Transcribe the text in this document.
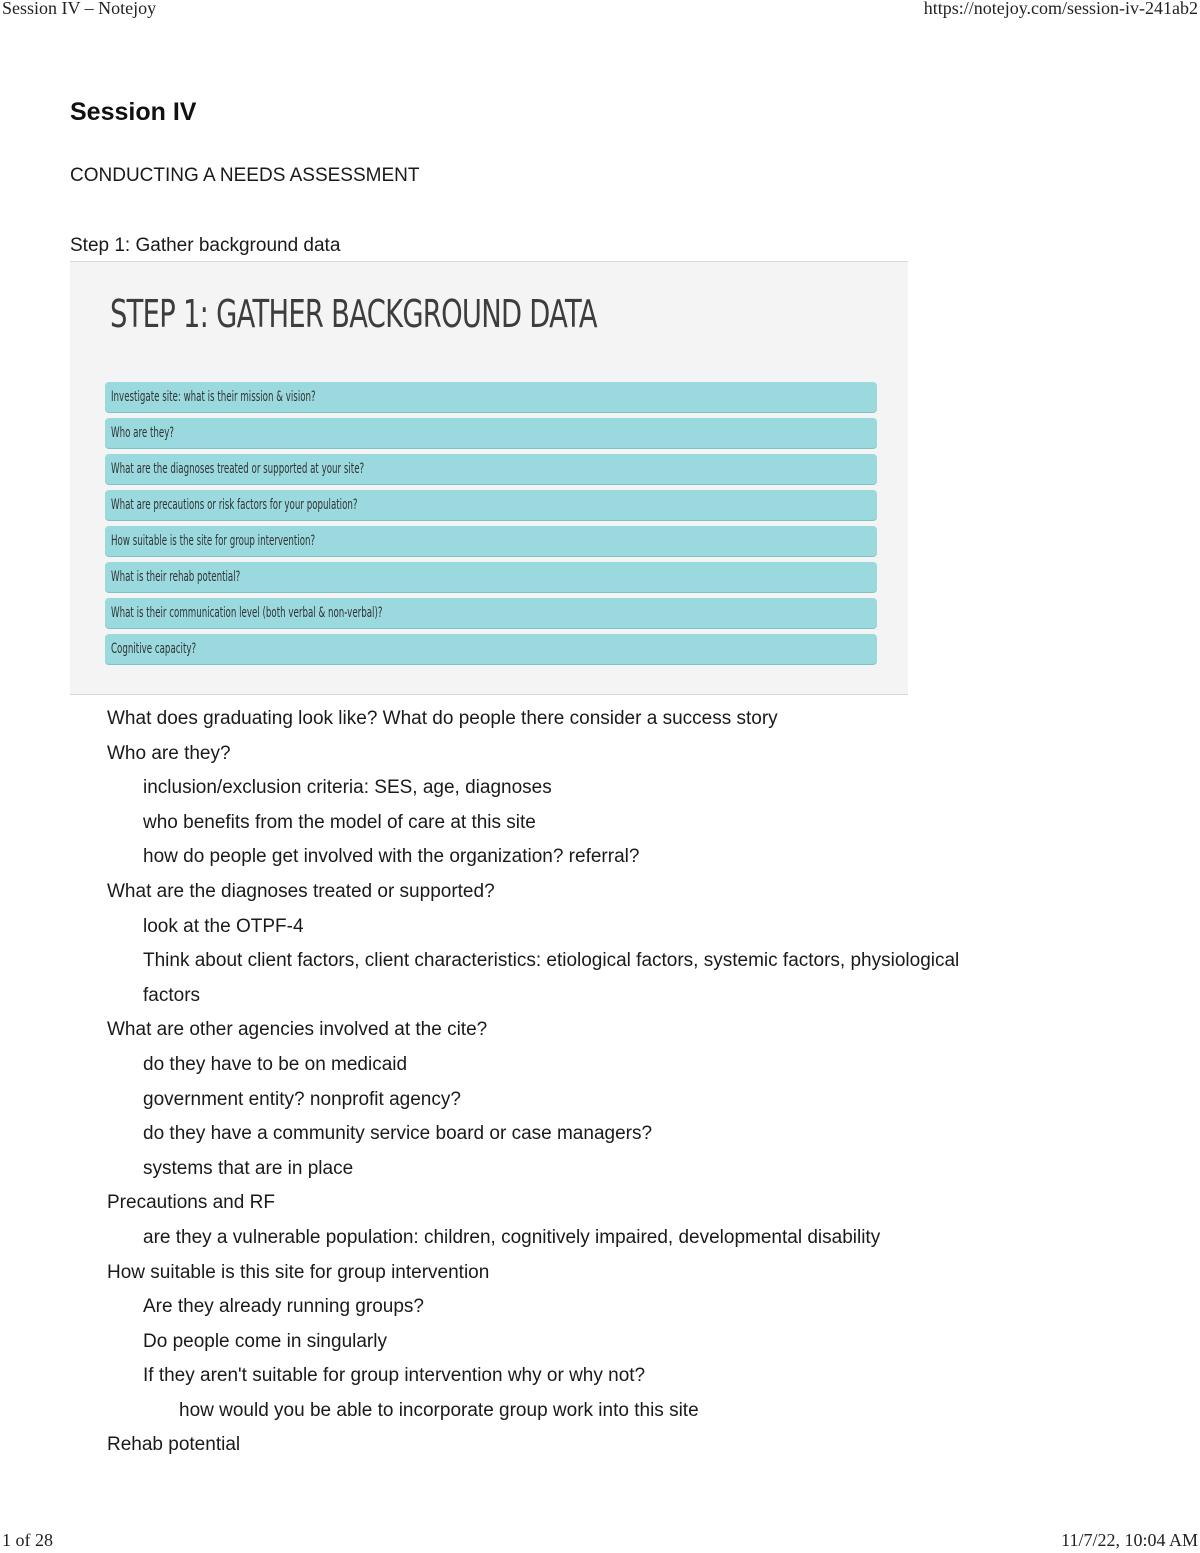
Session IV – Notejoy	https://notejoy.com/session-iv-241ab2
Session IV
CONDUCTING A NEEDS ASSESSMENT
Step 1: Gather background data
STEP 1: GATHER BACKGROUND DATA
Investigate site: what is their mission & vision?
Who are they?
What are the diagnoses treated or supported at your site?
What are precautions or risk factors for your population?
How suitable is the site for group intervention?
What is their rehab potential?
What is their communication level (both verbal & non-verbal)?
Cognitive capacity?
What does graduating look like? What do people there consider a success story
Who are they?
inclusion/exclusion criteria: SES, age, diagnoses
who benefits from the model of care at this site
how do people get involved with the organization? referral?
What are the diagnoses treated or supported?
look at the OTPF-4
Think about client factors, client characteristics: etiological factors, systemic factors, physiological
factors
What are other agencies involved at the cite?
do they have to be on medicaid
government entity? nonprofit agency?
do they have a community service board or case managers?
systems that are in place
Precautions and RF
are they a vulnerable population: children, cognitively impaired, developmental disability
How suitable is this site for group intervention
Are they already running groups?
Do people come in singularly
If they aren't suitable for group intervention why or why not?
how would you be able to incorporate group work into this site
Rehab potential
1 of 28	11/7/22, 10:04 AM
